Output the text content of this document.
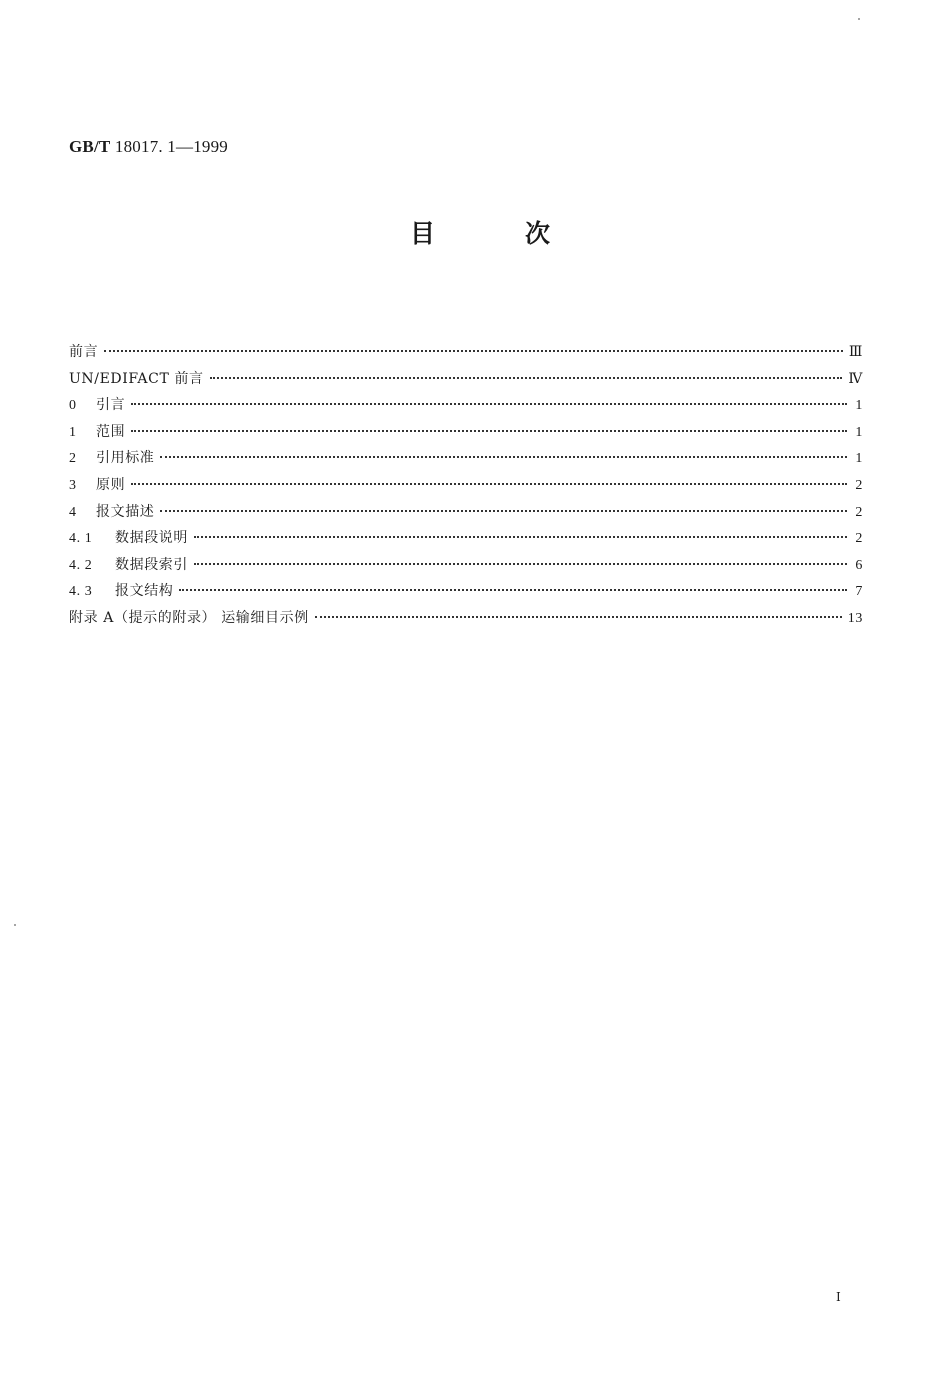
GB/T 18017. 1—1999
目	次
前言	Ⅲ
UN/EDIFACT 前言	Ⅳ
0	引言	1
1	范围	1
2	引用标准	1
3	原则	2
4	报文描述	2
4. 1	数据段说明	2
4. 2	数据段索引	6
4. 3	报文结构	7
附录 A（提示的附录） 运输细目示例	13
Ⅰ
